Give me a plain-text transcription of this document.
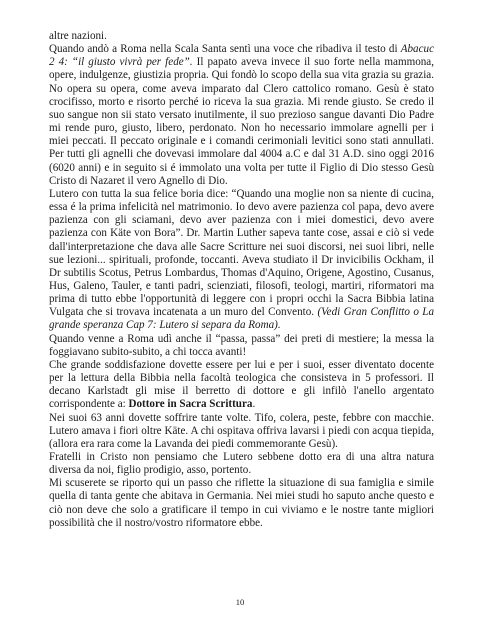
altre nazioni.

Quando andò a Roma nella Scala Santa sentì una voce che ribadiva il testo di Abacuc 2 4: “il giusto vivrà per fede”. Il papato aveva invece il suo forte nella mammona, opere, indulgenze, giustizia propria. Qui fondò lo scopo della sua vita grazia su grazia. No opera su opera, come aveva imparato dal Clero cattolico romano. Gesù è stato crocifisso, morto e risorto perché io riceva la sua grazia. Mi rende giusto. Se credo il suo sangue non sii stato versato inutilmente, il suo prezioso sangue davanti Dio Padre mi rende puro, giusto, libero, perdonato. Non ho necessario immolare agnelli per i miei peccati. Il peccato originale e i comandi cerimoniali levitici sono stati annullati. Per tutti gli agnelli che dovevasi immolare dal 4004 a.C e dal 31 A.D. sino oggi 2016 (6020 anni) e in seguito si é immolato una volta per tutte il Figlio di Dio stesso Gesù Cristo di Nazaret il vero Agnello di Dio.

Lutero con tutta la sua felice boria dice: “Quando una moglie non sa niente di cucina, essa é la prima infelicità nel matrimonio. Io devo avere pazienza col papa, devo avere pazienza con gli sciamani, devo aver pazienza con i miei domestici, devo avere pazienza con Käte von Bora”. Dr. Martin Luther sapeva tante cose, assai e ciò si vede dall'interpretazione che dava alle Sacre Scritture nei suoi discorsi, nei suoi libri, nelle sue lezioni... spirituali, profonde, toccanti. Aveva studiato il Dr invicibilis Ockham, il Dr subtilis Scotus, Petrus Lombardus, Thomas d'Aquino, Origene, Agostino, Cusanus, Hus, Galeno, Tauler, e tanti padri, scienziati, filosofi, teologi, martiri, riformatori ma prima di tutto ebbe l'opportunità di leggere con i propri occhi la Sacra Bibbia latina Vulgata che si trovava incatenata a un muro del Convento. (Vedi Gran Conflitto o La grande speranza Cap 7: Lutero si separa da Roma).

Quando venne a Roma udì anche il “passa, passa” dei preti di mestiere; la messa la foggiavano subito-subito, a chi tocca avanti!

Che grande soddisfazione dovette essere per lui e per i suoi, esser diventato docente per la lettura della Bibbia nella facoltà teologica che consisteva in 5 professori. Il decano Karlstadt gli mise il berretto di dottore e gli infilò l'anello argentato corrispondente a: Dottore in Sacra Scrittura.

Nei suoi 63 anni dovette soffrire tante volte. Tifo, colera, peste, febbre con macchie. Lutero amava i fiori oltre Käte. A chi ospitava offriva lavarsi i piedi con acqua tiepida, (allora era rara come la Lavanda dei piedi commemorante Gesù).

Fratelli in Cristo non pensiamo che Lutero sebbene dotto era di una altra natura diversa da noi, figlio prodigio, asso, portento.

Mi scuserete se riporto qui un passo che riflette la situazione di sua famiglia e simile quella di tanta gente che abitava in Germania. Nei miei studi ho saputo anche questo e ciò non deve che solo a gratificare il tempo in cui viviamo e le nostre tante migliori possibilità che il nostro/vostro riformatore ebbe.

10
